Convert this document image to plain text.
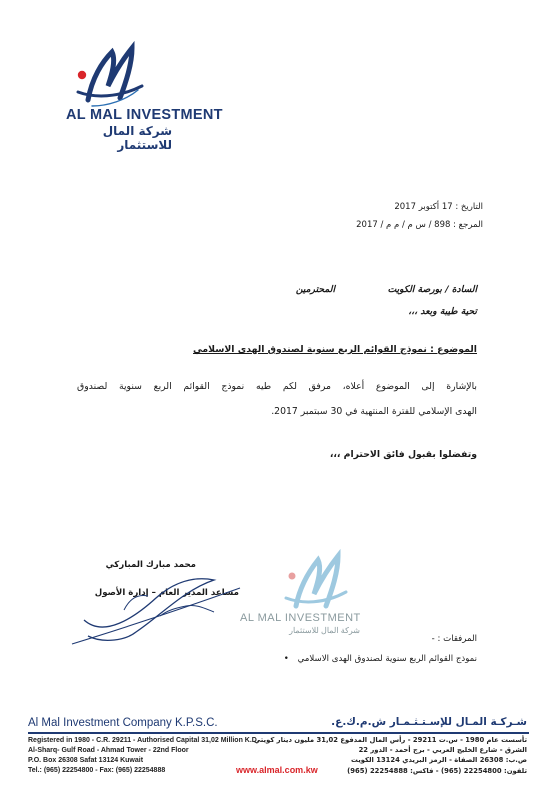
AL MAL INVESTMENT
شركة المال للاستثمار
التاريخ : 17 أكتوبر 2017
المرجع : 898 / س م / م م / 2017
السادة / بورصة الكويت
المحترمين
تحية طيبة وبعد ،،،
الموضوع : نموذج القوائم الربع سنوية لصندوق الهدى الاسلامي
بالإشارة إلى الموضوع أعلاه، مرفق لكم طيه نموذج القوائم الربع سنوية لصندوق
الهدى الإسلامي للفترة المنتهية في 30 سبتمبر 2017.
وتفضلوا بقبول فائق الاحترام ،،،
محمد مبارك المباركي
مساعد المدير العام – إدارة الأصول
AL MAL INVESTMENT
شركة المال للاستثمار
المرفقات : -
نموذج القوائم الربع سنوية لصندوق الهدى الاسلامي •
Al Mal Investment Company K.P.S.C.	شـركـة المـال للإسـتـثـمـار ش.م.ك.ع.
Registered in 1980 - C.R. 29211 - Authorised Capital 31,02 Million K.D.
Al-Sharq- Gulf Road - Ahmad Tower - 22nd Floor
P.O. Box 26308 Safat 13124 Kuwait
Tel.: (965) 22254800 - Fax: (965) 22254888
تأسست عام 1980 - س.ت 29211 - رأس المال المدفوع 31,02 مليون دينار كويتي
الشرق - شارع الخليج العربي - برج أحمد - الدور 22
ص.ب: 26308 الصفاة - الرمز البريدي 13124 الكويت
تلفون: 22254800 (965) - فاكس: 22254888 (965)
www.almal.com.kw
